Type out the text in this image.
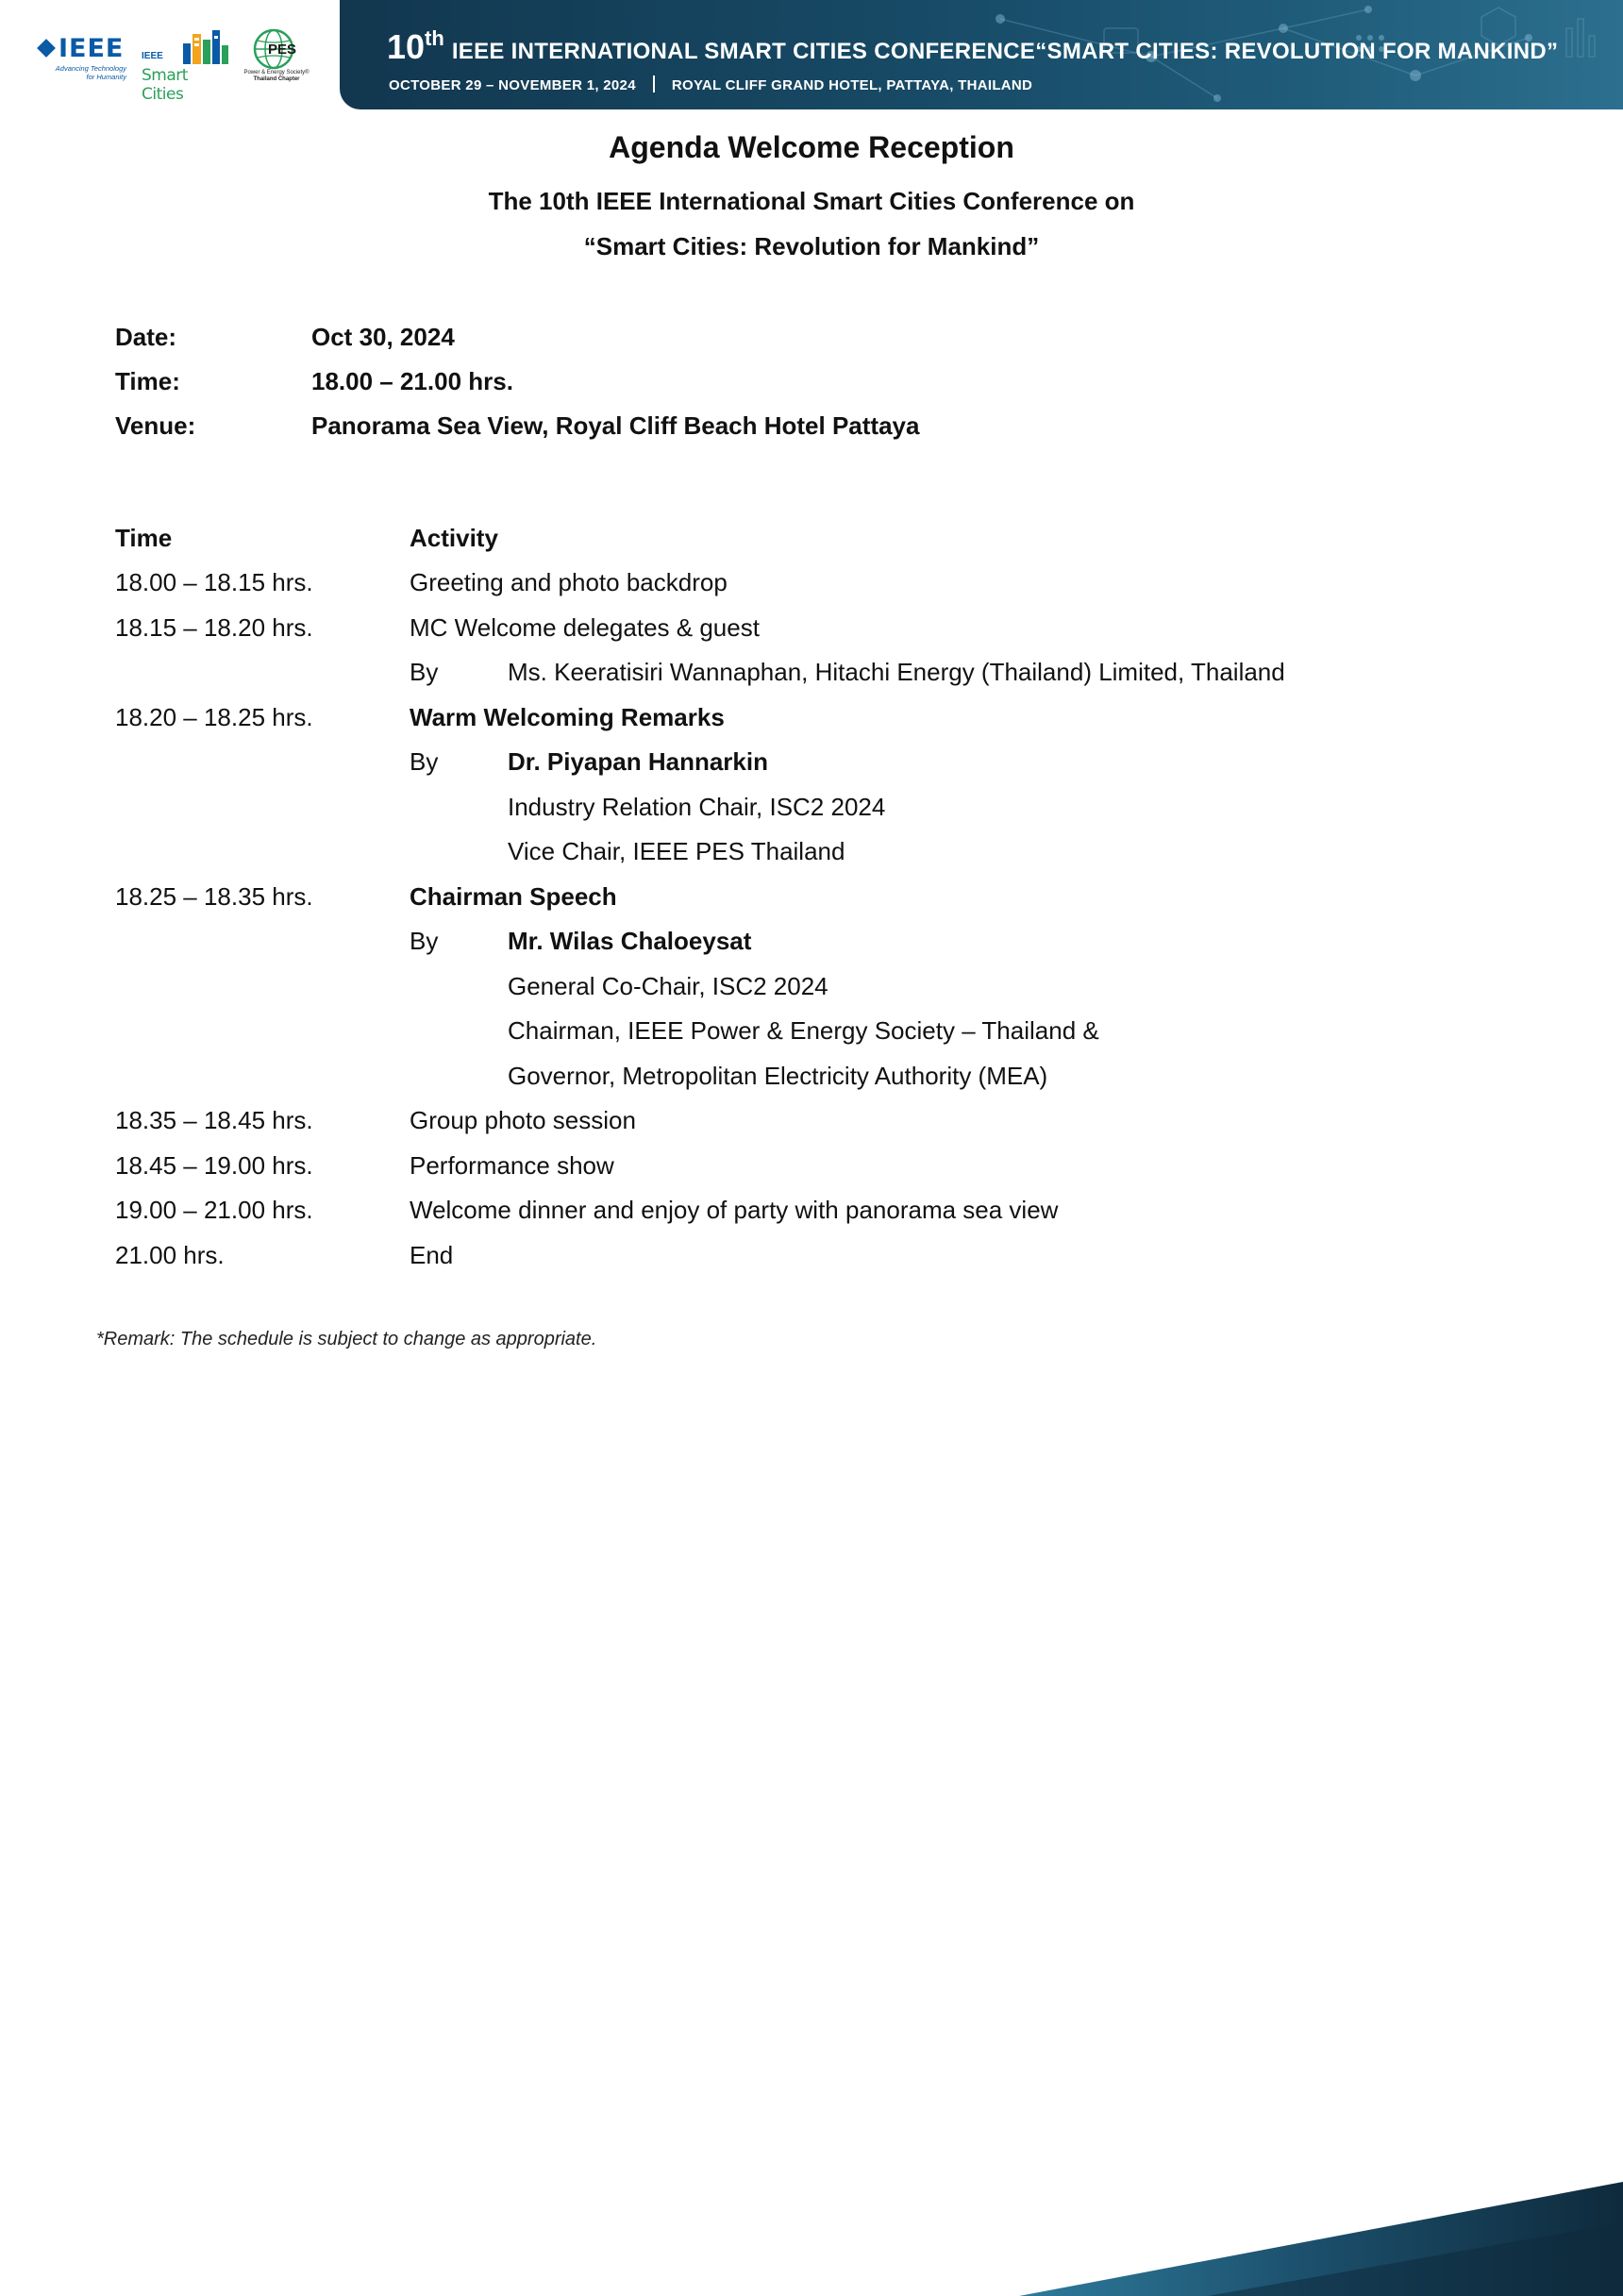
IEEE
Advancing Technology
for Humanity
IEEE
Smart Cities
PES
Power & Energy Society®
Thailand Chapter
10thIEEE INTERNATIONAL SMART CITIES CONFERENCE“SMART CITIES: REVOLUTION FOR MANKIND”
OCTOBER 29 – NOVEMBER 1, 2024	ROYAL CLIFF GRAND HOTEL, PATTAYA, THAILAND
Agenda Welcome Reception
The 10th IEEE International Smart Cities Conference on
“Smart Cities: Revolution for Mankind”
Date:	Oct 30, 2024
Time:	18.00 – 21.00 hrs.
Venue:	Panorama Sea View, Royal Cliff Beach Hotel Pattaya
Time	Activity
18.00 – 18.15 hrs.	Greeting and photo backdrop
18.15 – 18.20 hrs.	MC Welcome delegates & guest
By	Ms. Keeratisiri Wannaphan, Hitachi Energy (Thailand) Limited, Thailand
18.20 – 18.25 hrs.	Warm Welcoming Remarks
By	Dr. Piyapan Hannarkin
Industry Relation Chair, ISC2 2024
Vice Chair, IEEE PES Thailand
18.25 – 18.35 hrs.	Chairman Speech
By	Mr. Wilas Chaloeysat
General Co-Chair, ISC2 2024
Chairman, IEEE Power & Energy Society – Thailand &
Governor, Metropolitan Electricity Authority (MEA)
18.35 – 18.45 hrs.	Group photo session
18.45 – 19.00 hrs.	Performance show
19.00 – 21.00 hrs.	Welcome dinner and enjoy of party with panorama sea view
21.00 hrs.	End
*Remark: The schedule is subject to change as appropriate.
